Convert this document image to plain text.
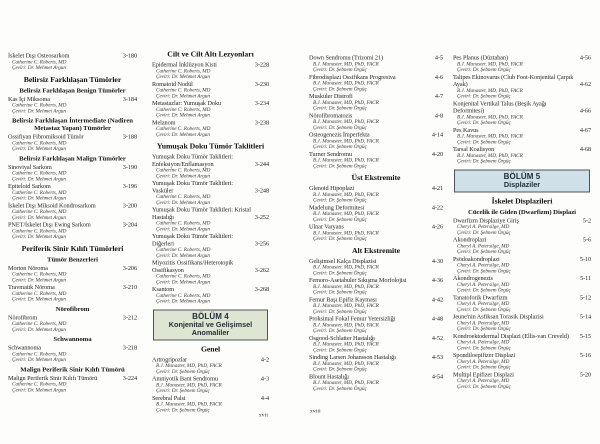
İskelet Dışı Osteosarkom	3-180
Catherine C. Roberts, MD
Çeviri: Dr. Mehmet Argun
Belirsiz Farklılaşan Tümörler
Belirsiz Farklılaşan Benign Tümörler
Kas İçi Miksoma	3-184
Catherine C. Roberts, MD
Çeviri: Dr. Mehmet Argun
Belirsiz Farklılaşan İntermediate (Nadiren Metastaz Yapan) Tümörler
Ossifiyan Fibromiksoid Tümör	3-188
Catherine C. Roberts, MD
Çeviri: Dr. Mehmet Argun
Belirsiz Farklılaşan Malign Tümörler
Sinoviyal Sarkom	3-190
Catherine C. Roberts, MD
Çeviri: Dr. Mehmet Argun
Epiteloid Sarkom	3-196
Catherine C. Roberts, MD
Çeviri: Dr. Mehmet Argun
İskelet Dışı Miksoid Kondrosarkom	3-200
Catherine C. Roberts, MD
Çeviri: Dr. Mehmet Argun
PNET/İskelet Dışı Ewing Sarkom	3-204
Catherine C. Roberts, MD
Çeviri: Dr. Mehmet Argun
Periferik Sinir Kılıfı Tümörleri
Tümör Benzerleri
Morton Nöroma	3-206
Catherine C. Roberts, MD
Çeviri: Dr. Mehmet Argun
Travmatik Nöroma	3-210
Catherine C. Roberts, MD
Çeviri: Dr. Mehmet Argun
Nörofibrom
Nörofibrom	3-212
Catherine C. Roberts, MD
Çeviri: Dr. Mehmet Argun
Schwannoma
Schwannoma	3-218
Catherine C. Roberts, MD
Çeviri: Dr. Mehmet Argun
Malign Periferik Sinir Kılıfı Tümörü
Malign Periferik Sinir Kılıfı Tümörü	3-224
Catherine C. Roberts, MD
Çeviri: Dr. Mehmet Argun
Cilt ve Cilt Altı Lezyonları
Epidermal İnklüzyon Kisti	3-228
Catherine C. Roberts, MD
Çeviri: Dr. Mehmet Argun
Romatoid Nodül	3-230
Catherine C. Roberts, MD
Çeviri: Dr. Mehmet Argun
Metastazlar: Yumuşak Doku	3-234
Catherine C. Roberts, MD
Çeviri: Dr. Mehmet Argun
Melanom	3-238
Catherine C. Roberts, MD
Çeviri: Dr. Mehmet Argun
Yumuşak Doku Tümör Taklitleri
Yumuşak Doku Tümör Taklitleri: Enfeksiyon/Enflamasyon	3-244
Catherine C. Roberts, MD
Çeviri: Dr. Mehmet Argun
Yumuşak Doku Tümör Taklitleri: Vasküler	3-248
Catherine C. Roberts, MD
Çeviri: Dr. Mehmet Argun
Yumuşak Doku Tümör Taklitleri: Kristal Hastalığı	3-252
Catherine C. Roberts, MD
Çeviri: Dr. Mehmet Argun
Yumuşak Doku Tümör Taklitleri: Diğerleri	3-256
Catherine C. Roberts, MD
Çeviri: Dr. Mehmet Argun
Miyozitis Ossifikans/Heterotopik Ossifikasyon	3-262
Catherine C. Roberts, MD
Çeviri: Dr. Mehmet Argun
Ksantom	3-268
Catherine C. Roberts, MD
Çeviri: Dr. Mehmet Argun
BÖLÜM 4
Konjenital ve Gelişimsel
Anomaliler
Genel
Artrogripozlar	4-2
B.J. Manaster, MD, PhD, FACR
Çeviri: Dr. Şebnem Örgüç
Amniyotik Bant Sendromu	4-3
B.J. Manaster, MD, PhD, FACR
Çeviri: Dr. Şebnem Örgüç
Serebral Palsi	4-4
B.J. Manaster, MD, PhD, FACR
Çeviri: Dr. Şebnem Örgüç
Down Sendromu (Trizomi 21)	4-5
B.J. Manaster, MD, PhD, FACR
Çeviri: Dr. Şebnem Örgüç
Fibrodisplazi Ossifikans Progresiva	4-6
B.J. Manaster, MD, PhD, FACR
Çeviri: Dr. Şebnem Örgüç
Muskuler Distrofi	4-7
B.J. Manaster, MD, PhD, FACR
Çeviri: Dr. Şebnem Örgüç
Nörofibromatozis	4-8
B.J. Manaster, MD, PhD, FACR
Çeviri: Dr. Şebnem Örgüç
Osteogenezis İmperfekta	4-14
B.J. Manaster, MD, PhD, FACR
Çeviri: Dr. Şebnem Örgüç
Turner Sendromu	4-20
B.J. Manaster, MD, PhD, FACR
Çeviri: Dr. Şebnem Örgüç
Üst Ekstremite
Glenoid Hipoplazi	4-21
B.J. Manaster, MD, PhD, FACR
Çeviri: Dr. Şebnem Örgüç
Madelung Deformitesi	4-22
B.J. Manaster, MD, PhD, FACR
Çeviri: Dr. Şebnem Örgüç
Ulnar Varyans	4-26
B.J. Manaster, MD, PhD, FACR
Çeviri: Dr. Şebnem Örgüç
Alt Ekstremite
Gelişimsel Kalça Displazisi	4-30
B.J. Manaster, MD, PhD, FACR
Çeviri: Dr. Şebnem Örgüç
Femoro-Asetabuler Sıkışma Morfolojisi	4-36
B.J. Manaster, MD, PhD, FACR
Çeviri: Dr. Şebnem Örgüç
Femur Başı Epifiz Kayması	4-42
B.J. Manaster, MD, PhD, FACR
Çeviri: Dr. Şebnem Örgüç
Proksimal Fokal Femur Yetersizliği	4-48
B.J. Manaster, MD, PhD, FACR
Çeviri: Dr. Şebnem Örgüç
Osgood-Schlatter Hastalığı	4-52
B.J. Manaster, MD, PhD, FACR
Çeviri: Dr. Şebnem Örgüç
Sinding Larsen Johansson Hastalığı	4-53
B.J. Manaster, MD, PhD, FACR
Çeviri: Dr. Şebnem Örgüç
Blount Hastalığı	4-54
B.J. Manaster, MD, PhD, FACR
Çeviri: Dr. Şebnem Örgüç
Pes Planus (Düztaban)	4-56
B.J. Manaster, MD, PhD, FACR
Çeviri: Dr. Şebnem Örgüç
Talipes Ekinovarus (Club Foot-Konjenital Çarpık Ayak)	4-62
B.J. Manaster, MD, PhD, FACR
Çeviri: Dr. Şebnem Örgüç
Konjenital Vertikal Talus (Beşik Ayağı Deformitesi)	4-66
B.J. Manaster, MD, PhD, FACR
Çeviri: Dr. Şebnem Örgüç
Pes Kavus	4-67
B.J. Manaster, MD, PhD, FACR
Çeviri: Dr. Şebnem Örgüç
Tarsal Koalisyon	4-68
B.J. Manaster, MD, PhD, FACR
Çeviri: Dr. Şebnem Örgüç
BÖLÜM 5
Displaziler
İskelet Displazileri
Cücelik ile Giden (Dwarfizm) Displazi
Dwarfizm Displaziye Giriş	5-2
Cheryl A. Petersilge, MD
Çeviri: Dr. Şebnem Örgüç
Akondroplazi	5-6
Cheryl A. Petersilge, MD
Çeviri: Dr. Şebnem Örgüç
Psödoakondroplazi	5-10
Cheryl A. Petersilge, MD
Çeviri: Dr. Şebnem Örgüç
Akondrogenezis	5-11
Cheryl A. Petersilge, MD
Çeviri: Dr. Şebnem Örgüç
Tanatoforik Dwarfizm	5-12
Cheryl A. Petersilge, MD
Çeviri: Dr. Şebnem Örgüç
Jeune'nin Asfiksan Torasik Displazisi	5-14
Cheryl A. Petersilge, MD
Çeviri: Dr. Şebnem Örgüç
Kondroektodermal Displazi (Ellis-van Creveld) 5-15
Cheryl A. Petersilge, MD
Çeviri: Dr. Şebnem Örgüç
Spondiloepifizer Displazi	5-16
Cheryl A. Petersilge, MD
Çeviri: Dr. Şebnem Örgüç
Multipl Epifizer Displazi	5-20
Cheryl A. Petersilge, MD
Çeviri: Dr. Şebnem Örgüç
xvii
xviii
